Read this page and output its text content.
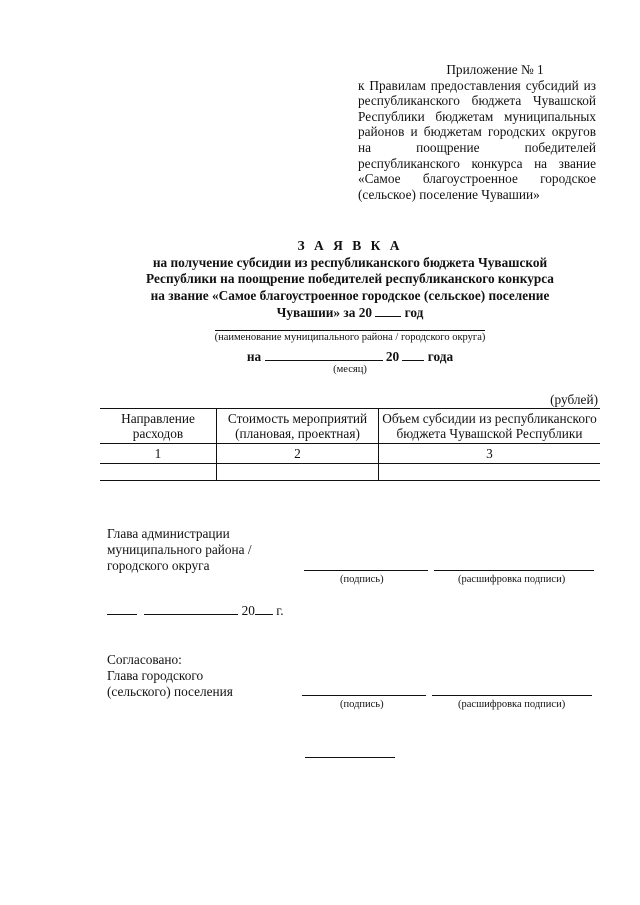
Приложение № 1
к Правилам предоставления субсидий из республиканского бюджета Чувашской Республики бюджетам муниципальных районов и бюджетам городских округов на поощрение победителей республиканского конкурса на звание «Самое благоустроенное городское (сельское) поселение Чувашии»
З А Я В К А
на получение субсидии из республиканского бюджета Чувашской
Республики на поощрение победителей республиканского конкурса
на звание «Самое благоустроенное городское (сельское) поселение
Чувашии» за 20 год
(наименование муниципального района / городского округа)
на	20 года
(месяц)
(рублей)
Направление расходов	Стоимость мероприятий (плановая, проектная)	Объем субсидии из республиканского бюджета Чувашской Республики
1	2	3

Глава администрации
муниципального района /
городского округа
(подпись)	(расшифровка подписи)
20 г.
Согласовано:
Глава городского
(сельского) поселения
(подпись)	(расшифровка подписи)
